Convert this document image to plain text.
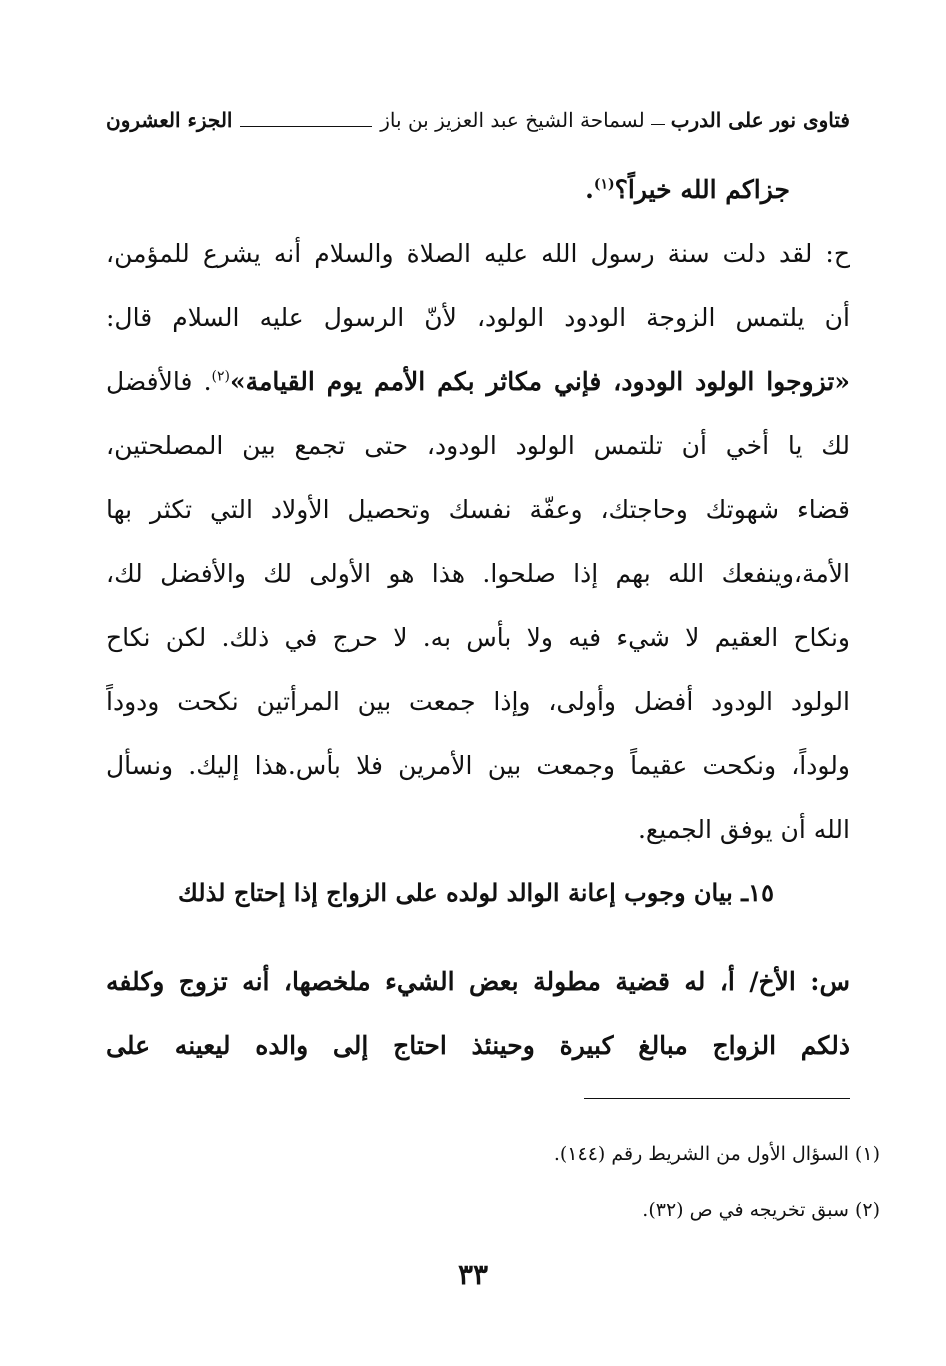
فتاوى نور على الدرب
لسماحة الشيخ عبد العزيز بن باز
الجزء العشرون
جزاكم الله خيراً؟$^{(١)}$.
ح: لقد دلت سنة رسول الله عليه الصلاة والسلام أنه يشرع للمؤمن،
أن يلتمس الزوجة الودود الولود، لأنّ الرسول عليه السلام قال:
«تزوجوا الولود الودود، فإني مكاثر بكم الأمم يوم القيامة»$^{(٢)}$. فالأفضل
لك يا أخي أن تلتمس الولود الودود، حتى تجمع بين المصلحتين،
قضاء شهوتك وحاجتك، وعفّة نفسك وتحصيل الأولاد التي تكثر بها
الأمة،وينفعك الله بهم إذا صلحوا. هذا هو الأولى لك والأفضل لك،
ونكاح العقيم لا شيء فيه ولا بأس به. لا حرج في ذلك. لكن نكاح
الولود الودود أفضل وأولى، وإذا جمعت بين المرأتين نكحت ودوداً
ولوداً، ونكحت عقيماً وجمعت بين الأمرين فلا بأس.هذا إليك. ونسأل
الله أن يوفق الجميع.
١٥ـ بيان وجوب إعانة الوالد لولده على الزواج إذا إحتاج لذلك
س: الأخ/ أ، له قضية مطولة بعض الشيء ملخصها، أنه تزوج وكلفه
ذلكم الزواج مبالغ كبيرة وحينئذ احتاج إلى والده ليعينه على
(١) السؤال الأول من الشريط رقم (١٤٤).
(٢) سبق تخريجه في ص (٣٢).
٣٣
